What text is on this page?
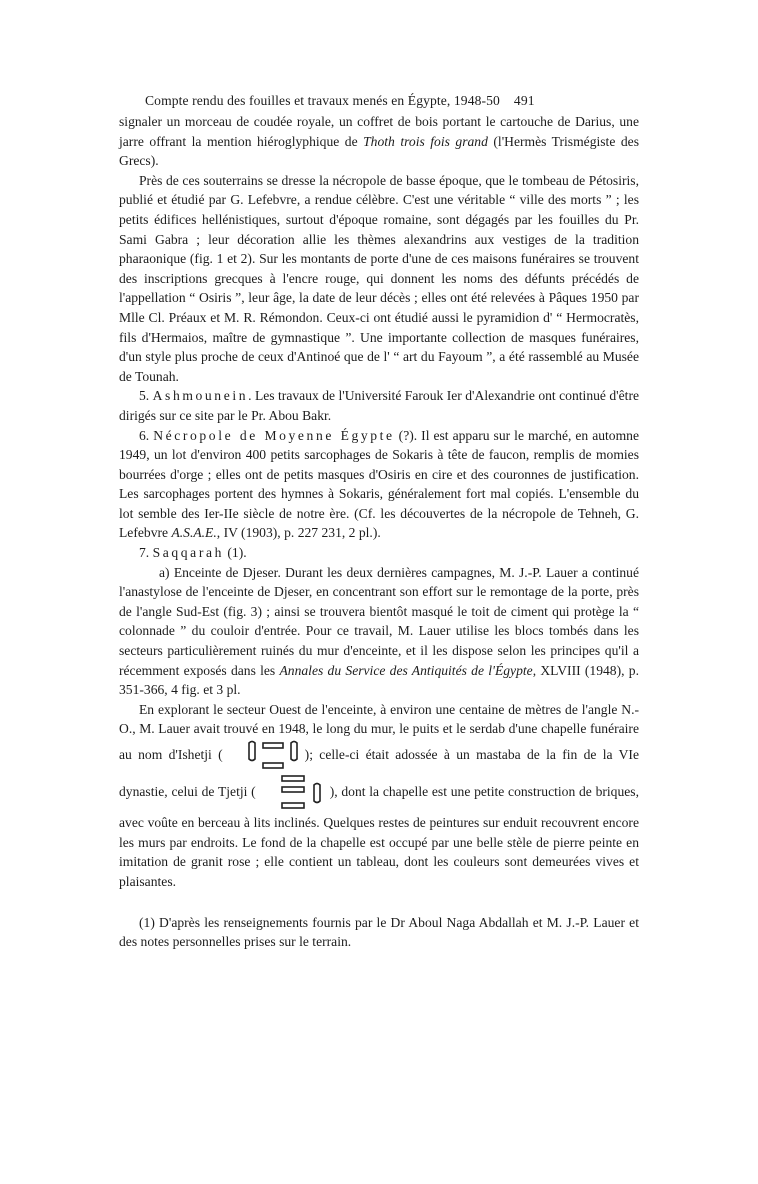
Compte rendu des fouilles et travaux menés en Égypte, 1948-50 491

signaler un morceau de coudée royale, un coffret de bois portant le cartouche de Darius, une jarre offrant la mention hiéroglyphique de Thoth trois fois grand (l'Hermès Trismégiste des Grecs).

Près de ces souterrains se dresse la nécropole de basse époque, que le tombeau de Pétosiris, publié et étudié par G. Lefebvre, a rendue célèbre. C'est une véritable “ ville des morts ” ; les petits édifices hellénistiques, surtout d'époque romaine, sont dégagés par les fouilles du Pr. Sami Gabra ; leur décoration allie les thèmes alexandrins aux vestiges de la tradition pharaonique (fig. 1 et 2). Sur les montants de porte d'une de ces maisons funéraires se trouvent des inscriptions grecques à l'encre rouge, qui donnent les noms des défunts précédés de l'appellation “ Osiris ”, leur âge, la date de leur décès ; elles ont été relevées à Pâques 1950 par Mlle Cl. Préaux et M. R. Rémondon. Ceux-ci ont étudié aussi le pyramidion d' “ Hermocratès, fils d'Hermaios, maître de gymnastique ”. Une importante collection de masques funéraires, d'un style plus proche de ceux d'Antinoé que de l' “ art du Fayoum ”, a été rassemblé au Musée de Tounah.

5. Ashmounein. Les travaux de l'Université Farouk Ier d'Alexandrie ont continué d'être dirigés sur ce site par le Pr. Abou Bakr.

6. Nécropole de Moyenne Égypte (?). Il est apparu sur le marché, en automne 1949, un lot d'environ 400 petits sarcophages de Sokaris à tête de faucon, remplis de momies bourrées d'orge ; elles ont de petits masques d'Osiris en cire et des couronnes de justification. Les sarcophages portent des hymnes à Sokaris, généralement fort mal copiés. L'ensemble du lot semble des Ier-IIe siècle de notre ère. (Cf. les découvertes de la nécropole de Tehneh, G. Lefebvre A.S.A.E., IV (1903), p. 227 231, 2 pl.).

7. Saqqarah (1).

a) Enceinte de Djeser. Durant les deux dernières campagnes, M. J.-P. Lauer a continué l'anastylose de l'enceinte de Djeser, en concentrant son effort sur le remontage de la porte, près de l'angle Sud-Est (fig. 3) ; ainsi se trouvera bientôt masqué le toit de ciment qui protège la “ colonnade ” du couloir d'entrée. Pour ce travail, M. Lauer utilise les blocs tombés dans les secteurs particulièrement ruinés du mur d'enceinte, et il les dispose selon les principes qu'il a récemment exposés dans les Annales du Service des Antiquités de l'Égypte, XLVIII (1948), p. 351-366, 4 fig. et 3 pl.

En explorant le secteur Ouest de l'enceinte, à environ une centaine de mètres de l'angle N.-O., M. Lauer avait trouvé en 1948, le long du mur, le puits et le serdab d'une chapelle funéraire au nom d'Ishetji (	); celle-ci était adossée à un mastaba de la fin de la VIe dynastie, celui de Tjetji (	), dont la chapelle est une petite construction de briques, avec voûte en berceau à lits inclinés. Quelques restes de peintures sur enduit recouvrent encore les murs par endroits. Le fond de la chapelle est occupé par une belle stèle de pierre peinte en imitation de granit rose ; elle contient un tableau, dont les couleurs sont demeurées vives et plaisantes.

(1) D'après les renseignements fournis par le Dr Aboul Naga Abdallah et M. J.-P. Lauer et des notes personnelles prises sur le terrain.
